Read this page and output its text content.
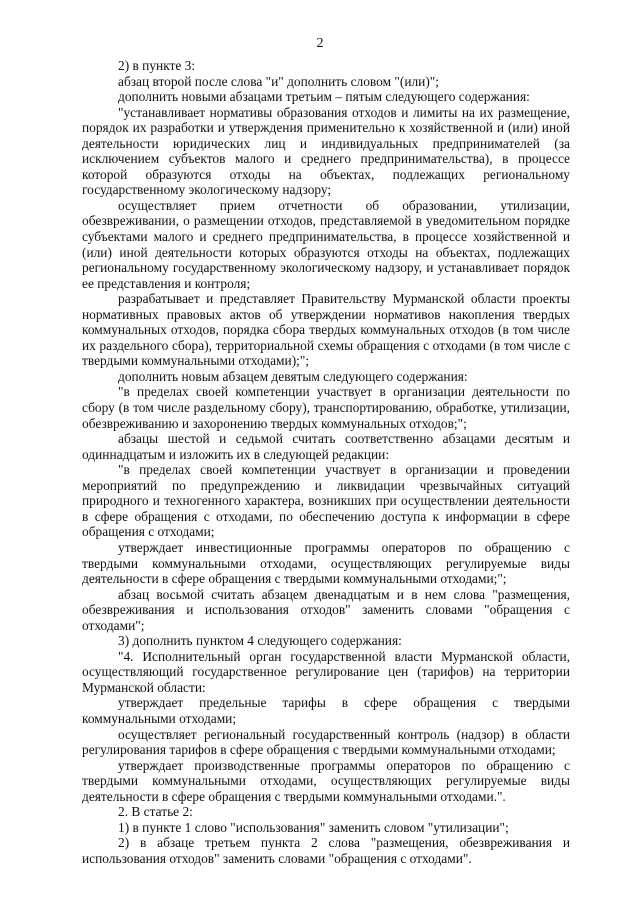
2

2) в пункте 3:

абзац второй после слова "и" дополнить словом "(или)";

дополнить новыми абзацами третьим – пятым следующего содержания:

"устанавливает нормативы образования отходов и лимиты на их размещение, порядок их разработки и утверждения применительно к хозяйственной и (или) иной деятельности юридических лиц и индивидуальных предпринимателей (за исключением субъектов малого и среднего предпринимательства), в процессе которой образуются отходы на объектах, подлежащих региональному государственному экологическому надзору;

осуществляет прием отчетности об образовании, утилизации, обезвреживании, о размещении отходов, представляемой в уведомительном порядке субъектами малого и среднего предпринимательства, в процессе хозяйственной и (или) иной деятельности которых образуются отходы на объектах, подлежащих региональному государственному экологическому надзору, и устанавливает порядок ее представления и контроля;

разрабатывает и представляет Правительству Мурманской области проекты нормативных правовых актов об утверждении нормативов накопления твердых коммунальных отходов, порядка сбора твердых коммунальных отходов (в том числе их раздельного сбора), территориальной схемы обращения с отходами (в том числе с твердыми коммунальными отходами);";

дополнить новым абзацем девятым следующего содержания:

"в пределах своей компетенции участвует в организации деятельности по сбору (в том числе раздельному сбору), транспортированию, обработке, утилизации, обезвреживанию и захоронению твердых коммунальных отходов;";

абзацы шестой и седьмой считать соответственно абзацами десятым и одиннадцатым и изложить их в следующей редакции:

"в пределах своей компетенции участвует в организации и проведении мероприятий по предупреждению и ликвидации чрезвычайных ситуаций природного и техногенного характера, возникших при осуществлении деятельности в сфере обращения с отходами, по обеспечению доступа к информации в сфере обращения с отходами;

утверждает инвестиционные программы операторов по обращению с твердыми коммунальными отходами, осуществляющих регулируемые виды деятельности в сфере обращения с твердыми коммунальными отходами;";

абзац восьмой считать абзацем двенадцатым и в нем слова "размещения, обезвреживания и использования отходов" заменить словами "обращения с отходами";

3) дополнить пунктом 4 следующего содержания:

"4. Исполнительный орган государственной власти Мурманской области, осуществляющий государственное регулирование цен (тарифов) на территории Мурманской области:

утверждает предельные тарифы в сфере обращения с твердыми коммунальными отходами;

осуществляет региональный государственный контроль (надзор) в области регулирования тарифов в сфере обращения с твердыми коммунальными отходами;

утверждает производственные программы операторов по обращению с твердыми коммунальными отходами, осуществляющих регулируемые виды деятельности в сфере обращения с твердыми коммунальными отходами.".

2. В статье 2:

1) в пункте 1 слово "использования" заменить словом "утилизации";

2) в абзаце третьем пункта 2 слова "размещения, обезвреживания и использования отходов" заменить словами "обращения с отходами".
